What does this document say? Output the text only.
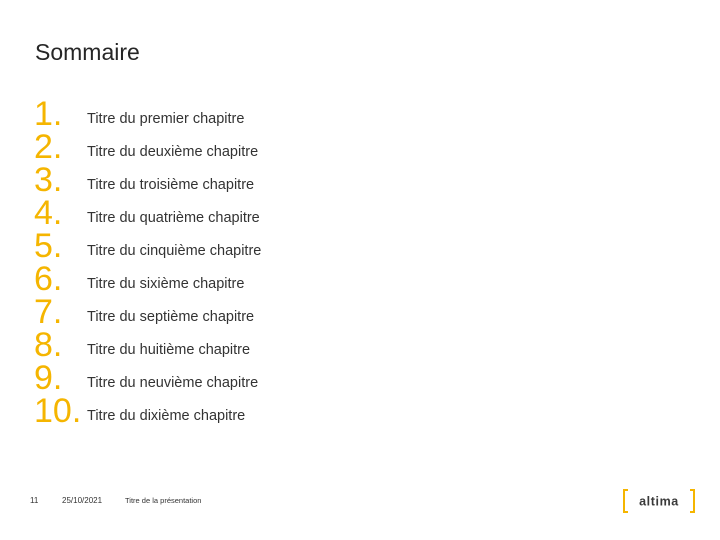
Sommaire
1. Titre du premier chapitre
2. Titre du deuxième chapitre
3. Titre du troisième chapitre
4. Titre du quatrième chapitre
5. Titre du cinquième chapitre
6. Titre du sixième chapitre
7. Titre du septième chapitre
8. Titre du huitième chapitre
9. Titre du neuvième chapitre
10. Titre du dixième chapitre
11	25/10/2021	Titre de la présentation	altima
